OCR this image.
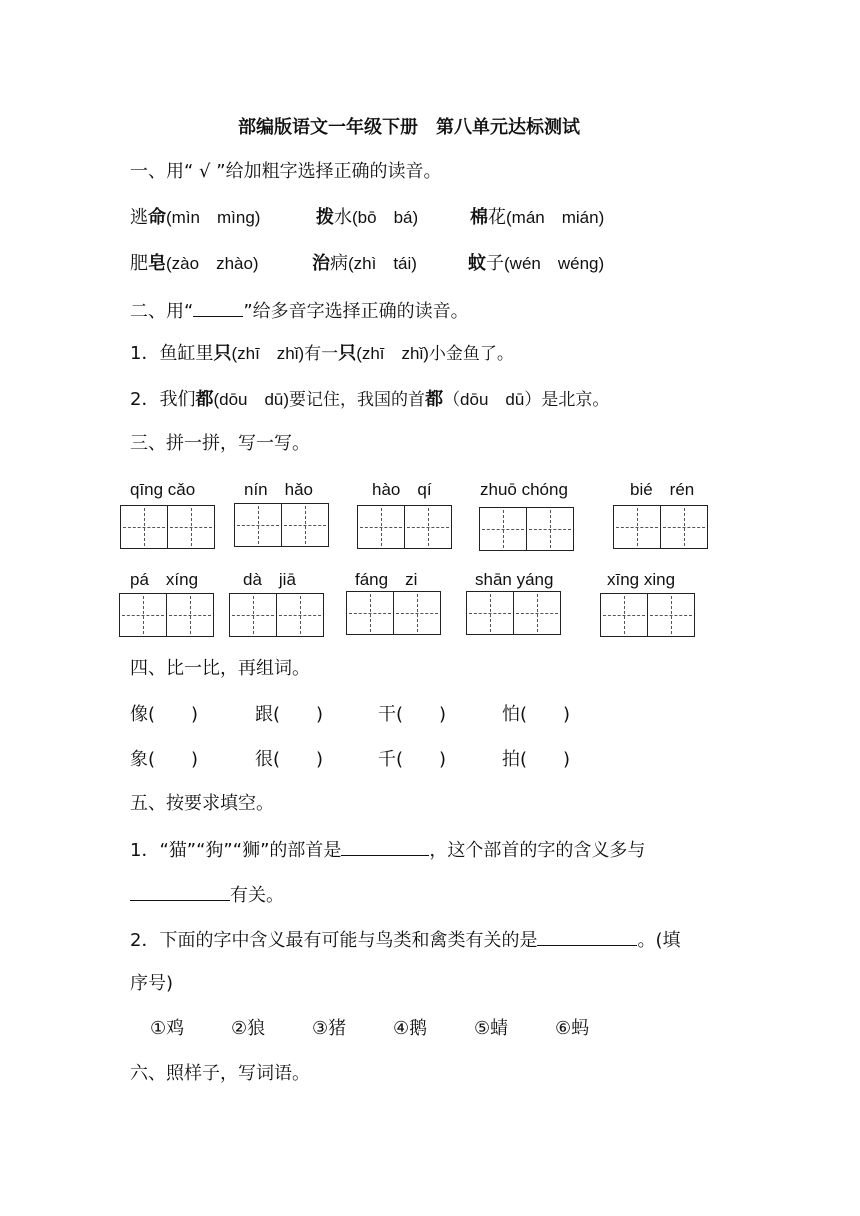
部编版语文一年级下册　第八单元达标测试
一、用“ √ ”给加粗字选择正确的读音。
逃命(mìn　mìng)	拨水(bō　bá)	棉花(mán　mián)
肥皂(zào　zhào)	治病(zhì　tái)	蚊子(wén　wéng)
二、用“	”给多音字选择正确的读音。
1．鱼缸里只(zhī　zhǐ)有一只(zhī　zhǐ)小金鱼了。
2．我们都(dōu　dū)要记住，我国的首都（dōu　dū）是北京。
三、拼一拼，写一写。
qīng cǎo	nín　hǎo	hào　qí	zhuō chóng	bié　rén
pá　xíng	dà　jiā	fáng　zi	shān yáng	xīng xing
四、比一比，再组词。
像(　　)	跟(　　)	干(　　)	怕(　　)
象(　　)	很(　　)	千(　　)	拍(　　)
五、按要求填空。
1．“猫”“狗”“狮”的部首是	，这个部首的字的含义多与
有关。
2．下面的字中含义最有可能与鸟类和禽类有关的是	。(填
序号)
①鸡	②狼	③猪	④鹅	⑤蜻	⑥蚂
六、照样子，写词语。
